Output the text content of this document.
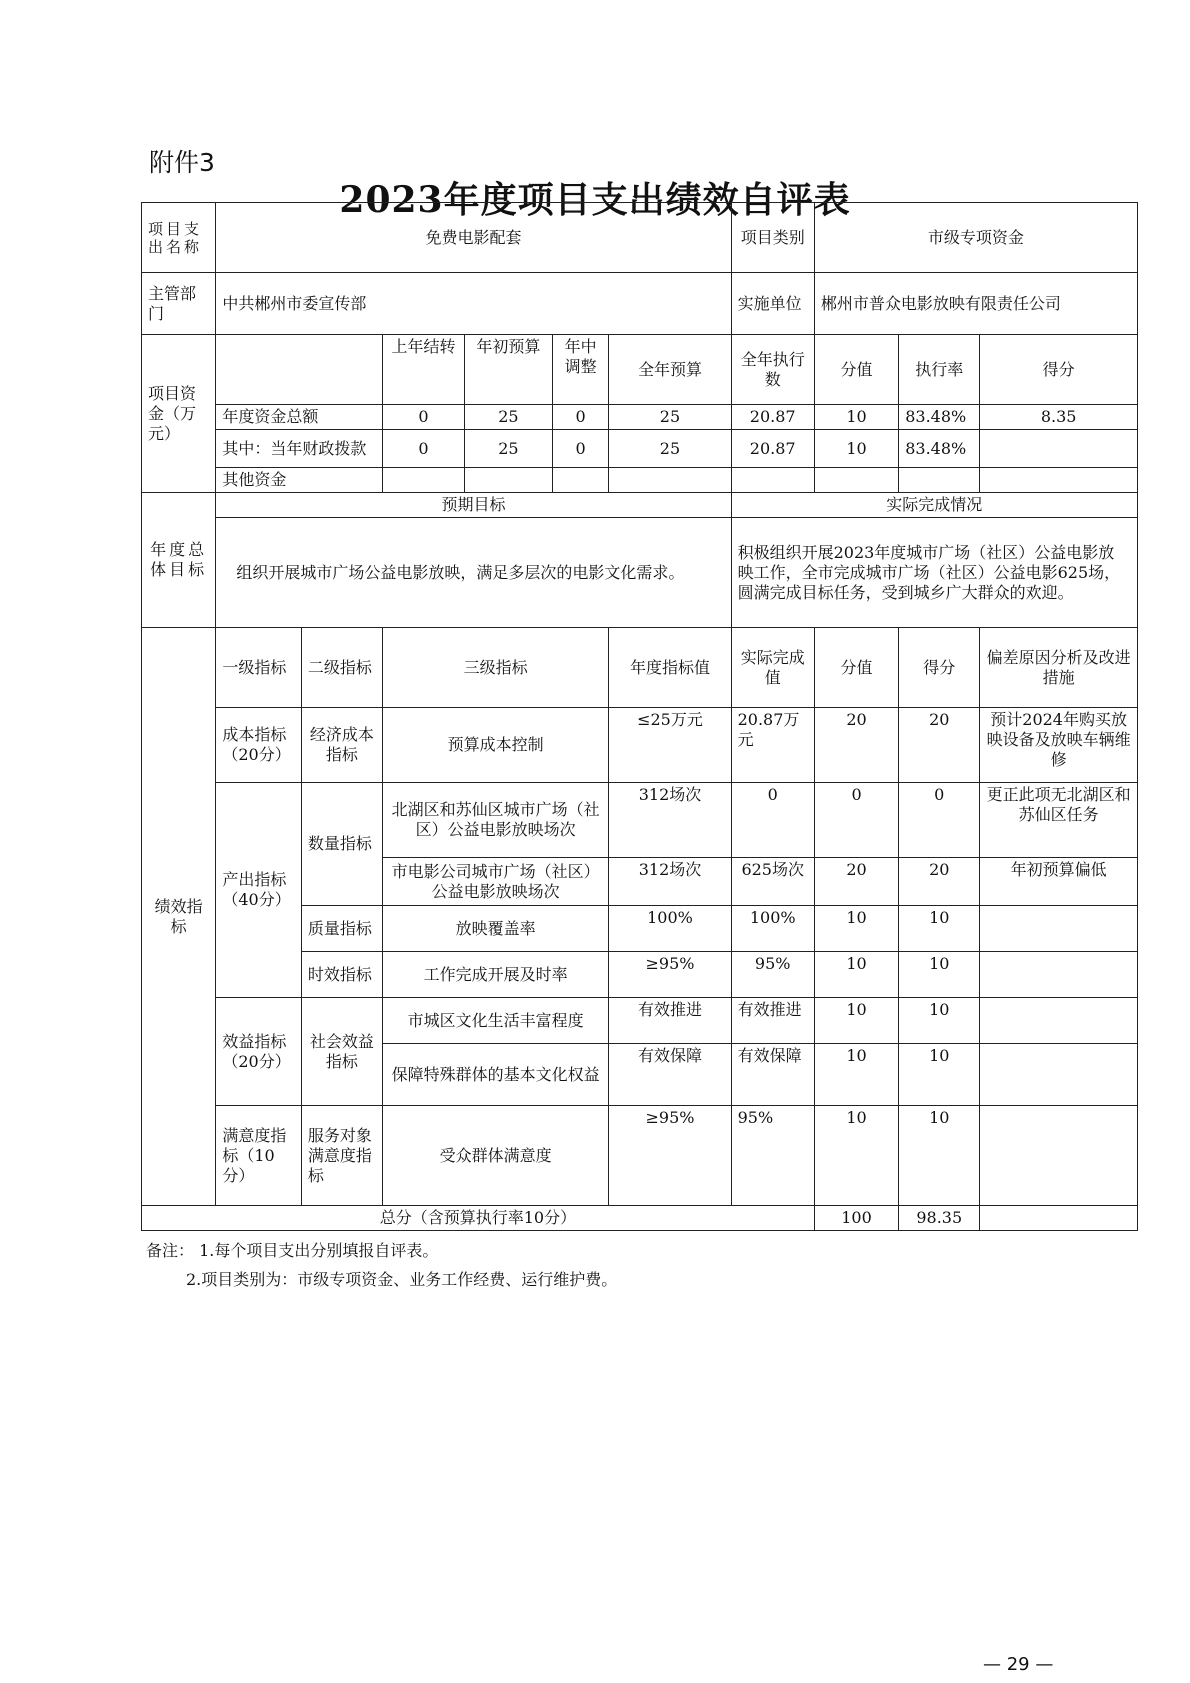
附件3
2023年度项目支出绩效自评表
项目支出名称	免费电影配套						项目类别	市级专项资金		
主管部门	中共郴州市委宣传部						实施单位	郴州市普众电影放映有限责任公司		
项目资金（万元）			上年结转	年初预算	年中调整	全年预算	全年执行数	分值	执行率	得分
	年度资金总额		0	25	0	25	20.87	10	83.48%	8.35
	其中：当年财政拨款		0	25	0	25	20.87	10	83.48%	
	其他资金									
年度总体目标	预期目标						实际完成情况			
	组织开展城市广场公益电影放映，满足多层次的电影文化需求。						积极组织开展2023年度城市广场（社区）公益电影放 映工作，全市完成城市广场（社区）公益电影625场， 圆满完成目标任务，受到城乡广大群众的欢迎。			
绩效指标	一级指标	二级指标	三级指标			年度指标值	实际完成值	分值	得分	偏差原因分析及改进措施
	成本指标（20分）	经济成本指标	预算成本控制			≤25万元	20.87万元	20	20	预计2024年购买放映设备及放映车辆维修
	产出指标（40分）	数量指标	北湖区和苏仙区城市广场（社区）公益电影放映场次			312场次	0	0	0	更正此项无北湖区和苏仙区任务
			市电影公司城市广场（社区） 公益电影放映场次			312场次	625场次	20	20	年初预算偏低
		质量指标	放映覆盖率			100%	100%	10	10	
		时效指标	工作完成开展及时率			≥95%	95%	10	10	
	效益指标（20分）	社会效益指标	市城区文化生活丰富程度			有效推进	有效推进	10	10	
			保障特殊群体的基本文化权益			有效保障	有效保障	10	10	
	满意度指标（10分）	服务对象满意度指标	受众群体满意度			≥95%	95%	10	10	
总分（含预算执行率10分）								100	98.35	
备注： 1.每个项目支出分别填报自评表。
2.项目类别为：市级专项资金、业务工作经费、运行维护费。
— 29 —
